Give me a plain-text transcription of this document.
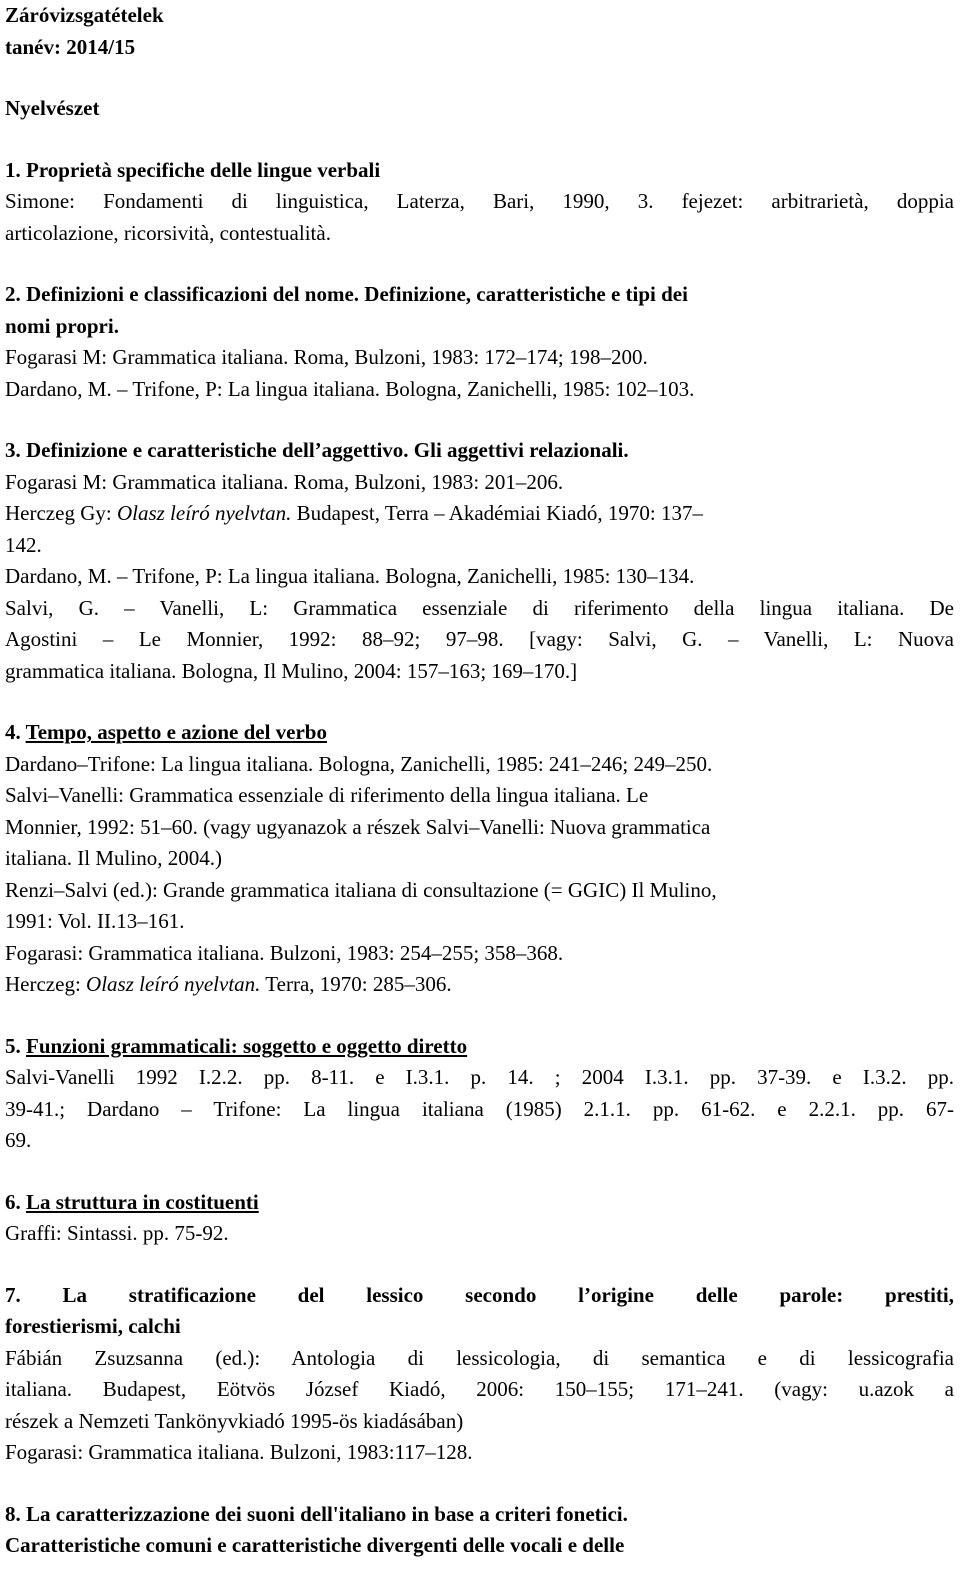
Záróvizsgatételek

tanév: 2014/15

Nyelvészet

1. Proprietà specifiche delle lingue verbali

Simone: Fondamenti di linguistica, Laterza, Bari, 1990, 3. fejezet: arbitrarietà, doppia

articolazione, ricorsività, contestualità.

2. Definizioni e classificazioni del nome. Definizione, caratteristiche e tipi dei

nomi propri.

Fogarasi M: Grammatica italiana. Roma, Bulzoni, 1983: 172–174; 198–200.

Dardano, M. – Trifone, P: La lingua italiana. Bologna, Zanichelli, 1985: 102–103.

3. Definizione e caratteristiche dell’aggettivo. Gli aggettivi relazionali.

Fogarasi M: Grammatica italiana. Roma, Bulzoni, 1983: 201–206.

Herczeg Gy: Olasz leíró nyelvtan. Budapest, Terra – Akadémiai Kiadó, 1970: 137–

142.

Dardano, M. – Trifone, P: La lingua italiana. Bologna, Zanichelli, 1985: 130–134.

Salvi, G. – Vanelli, L: Grammatica essenziale di riferimento della lingua italiana. De

Agostini – Le Monnier, 1992: 88–92; 97–98. [vagy: Salvi, G. – Vanelli, L: Nuova

grammatica italiana. Bologna, Il Mulino, 2004: 157–163; 169–170.]

4. Tempo, aspetto e azione del verbo

Dardano–Trifone: La lingua italiana. Bologna, Zanichelli, 1985: 241–246; 249–250.

Salvi–Vanelli: Grammatica essenziale di riferimento della lingua italiana. Le

Monnier, 1992: 51–60. (vagy ugyanazok a részek Salvi–Vanelli: Nuova grammatica

italiana. Il Mulino, 2004.)

Renzi–Salvi (ed.): Grande grammatica italiana di consultazione (= GGIC) Il Mulino,

1991: Vol. II.13–161.

Fogarasi: Grammatica italiana. Bulzoni, 1983: 254–255; 358–368.

Herczeg: Olasz leíró nyelvtan. Terra, 1970: 285–306.

5. Funzioni grammaticali: soggetto e oggetto diretto

Salvi-Vanelli 1992 I.2.2. pp. 8-11. e I.3.1. p. 14. ; 2004 I.3.1. pp. 37-39. e I.3.2. pp.

39-41.; Dardano – Trifone: La lingua italiana (1985) 2.1.1. pp. 61-62. e 2.2.1. pp. 67-

69.

6. La struttura in costituenti

Graffi: Sintassi. pp. 75-92.

7. La stratificazione del lessico secondo l’origine delle parole: prestiti,

forestierismi, calchi

Fábián Zsuzsanna (ed.): Antologia di lessicologia, di semantica e di lessicografia

italiana. Budapest, Eötvös József Kiadó, 2006: 150–155; 171–241. (vagy: u.azok a

részek a Nemzeti Tankönyvkiadó 1995-ös kiadásában)

Fogarasi: Grammatica italiana. Bulzoni, 1983:117–128.

8. La caratterizzazione dei suoni dell'italiano in base a criteri fonetici.

Caratteristiche comuni e caratteristiche divergenti delle vocali e delle
